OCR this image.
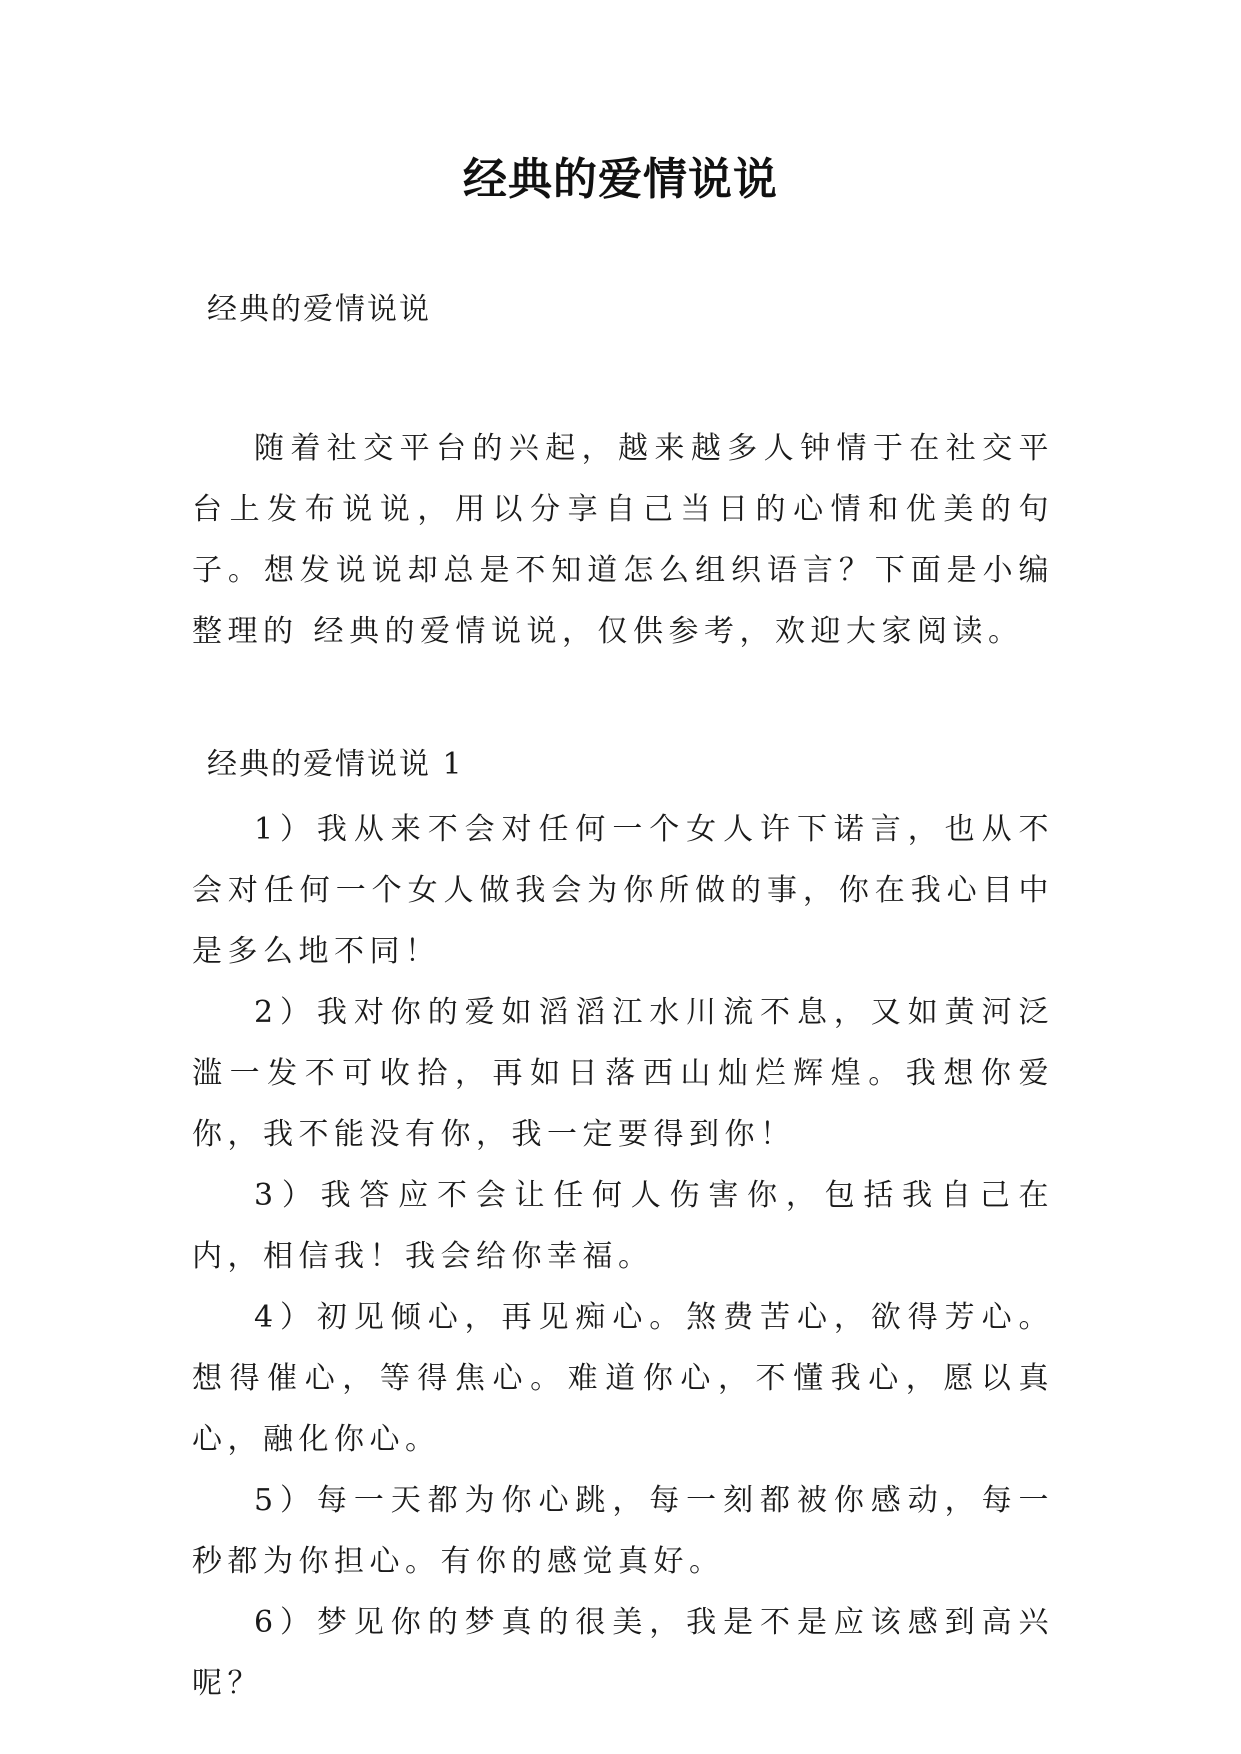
经典的爱情说说
经典的爱情说说

随着社交平台的兴起，越来越多人钟情于在社交平台上发布说说，用以分享自己当日的心情和优美的句子。想发说说却总是不知道怎么组织语言？下面是小编整理的 经典的爱情说说，仅供参考，欢迎大家阅读。

经典的爱情说说 1

1）我从来不会对任何一个女人许下诺言，也从不会对任何一个女人做我会为你所做的事，你在我心目中是多么地不同！

2）我对你的爱如滔滔江水川流不息，又如黄河泛滥一发不可收拾，再如日落西山灿烂辉煌。我想你爱你，我不能没有你，我一定要得到你！

3）我答应不会让任何人伤害你，包括我自己在内，相信我！我会给你幸福。

4）初见倾心，再见痴心。煞费苦心，欲得芳心。想得催心，等得焦心。难道你心，不懂我心，愿以真心，融化你心。

5）每一天都为你心跳，每一刻都被你感动，每一秒都为你担心。有你的感觉真好。

6）梦见你的梦真的很美，我是不是应该感到高兴呢？
